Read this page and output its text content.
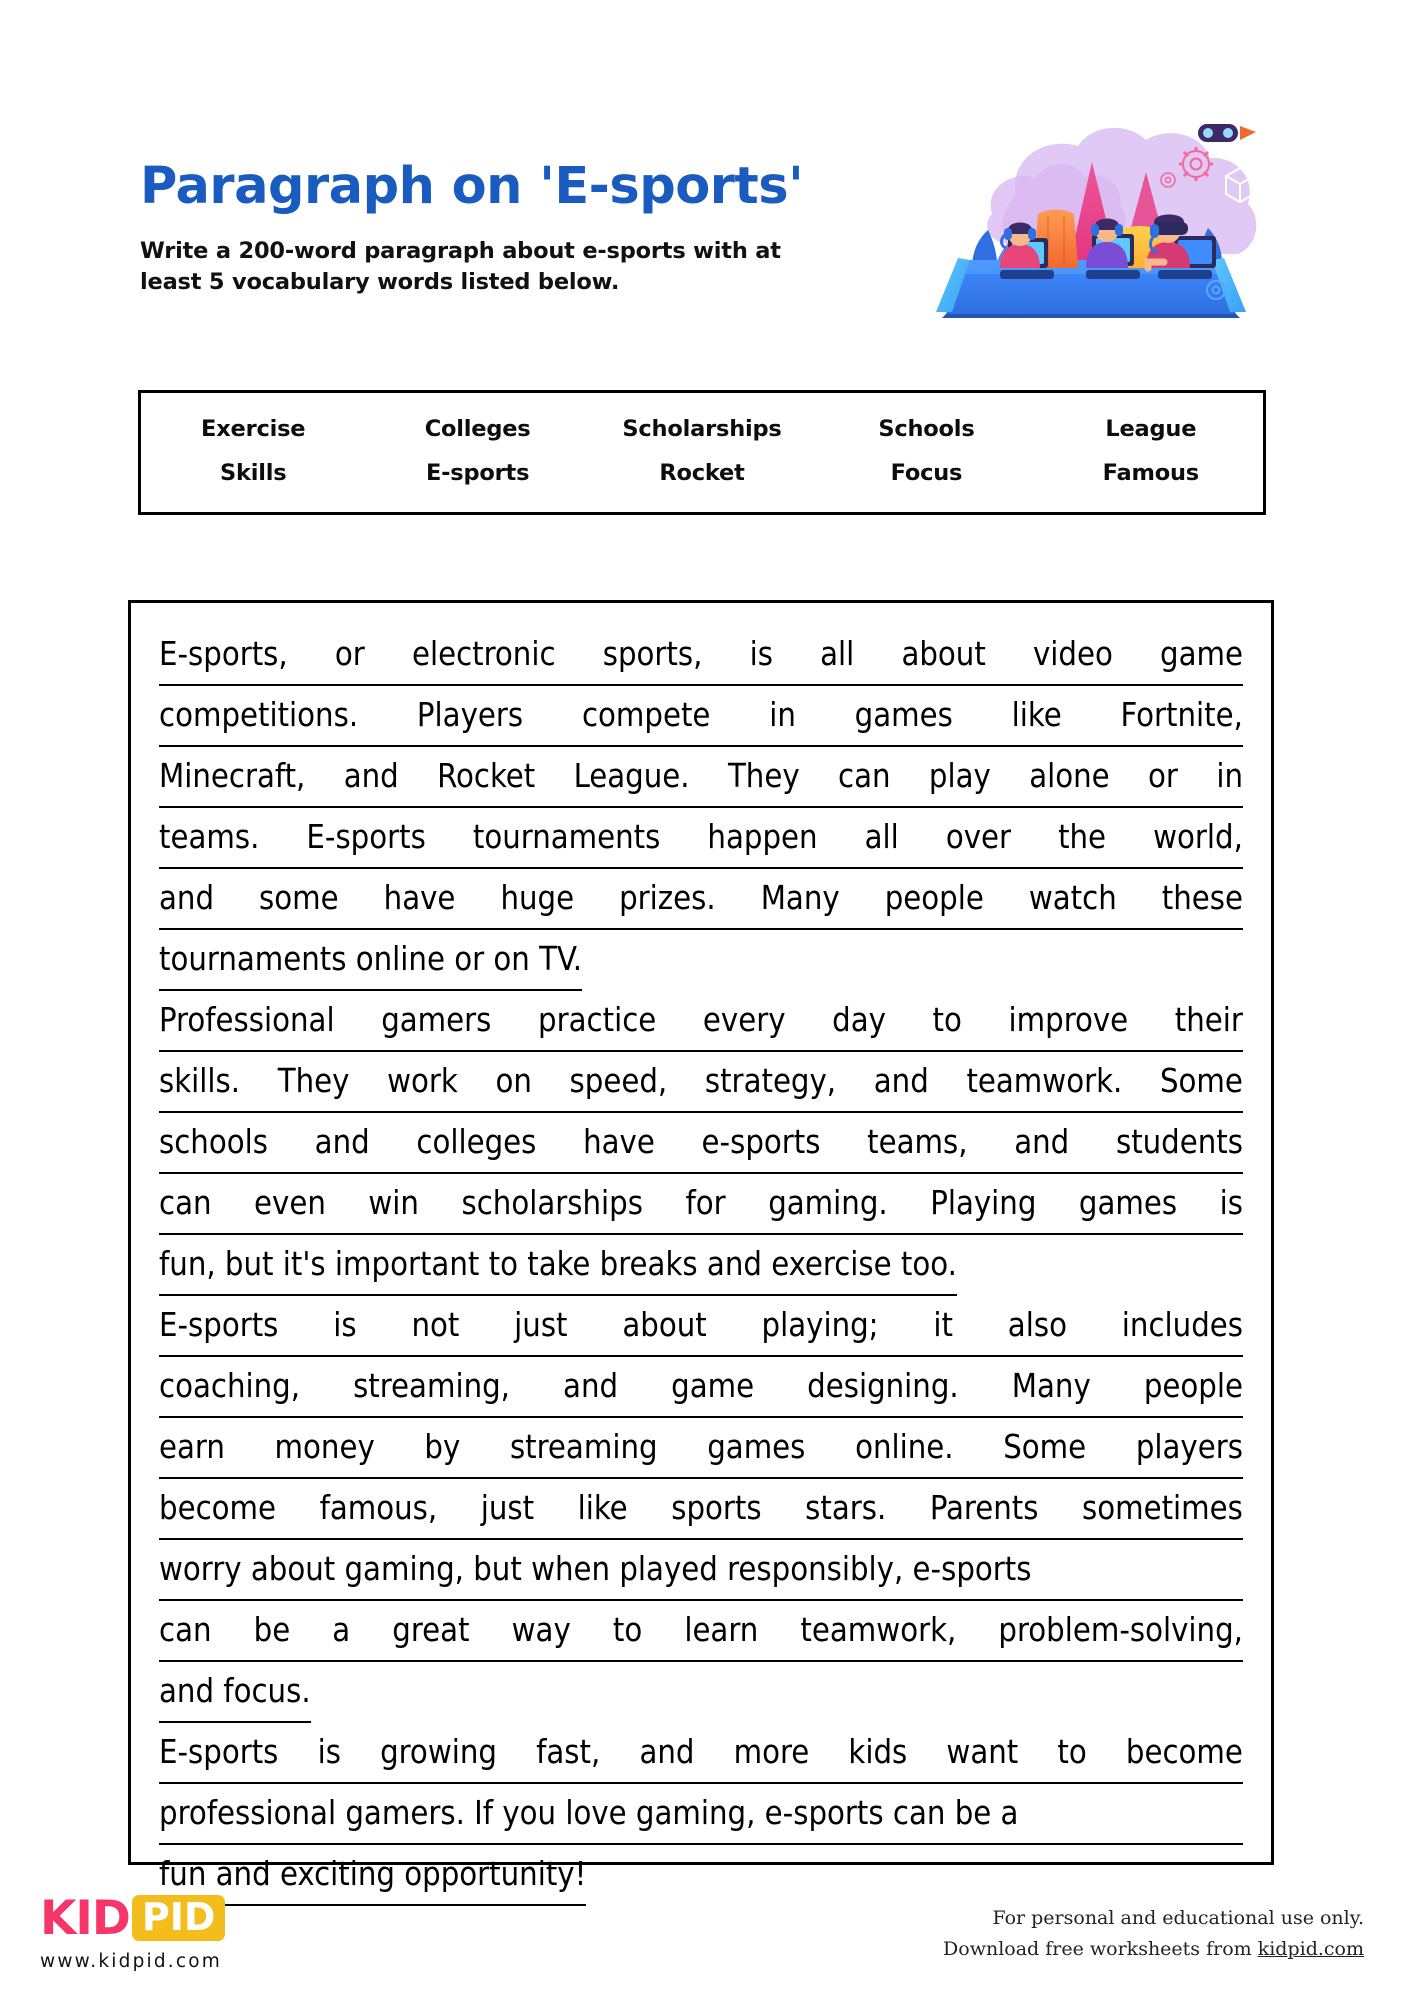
Paragraph on 'E-sports'
Write a 200-word paragraph about e-sports with at least 5 vocabulary words listed below.
Exercise	Colleges	Scholarships	Schools	League
Skills	E-sports	Rocket	Focus	Famous
E-sports, or electronic sports, is all about video game
competitions. Players compete in games like Fortnite,
Minecraft, and Rocket League. They can play alone or in
teams. E-sports tournaments happen all over the world,
and some have huge prizes. Many people watch these
tournaments online or on TV.
Professional gamers practice every day to improve their
skills. They work on speed, strategy, and teamwork. Some
schools and colleges have e-sports teams, and students
can even win scholarships for gaming. Playing games is
fun, but it's important to take breaks and exercise too.
E-sports is not just about playing; it also includes
coaching, streaming, and game designing. Many people
earn money by streaming games online. Some players
become famous, just like sports stars. Parents sometimes
worry about gaming, but when played responsibly, e-sports
can be a great way to learn teamwork, problem-solving,
and focus.
E-sports is growing fast, and more kids want to become
professional gamers. If you love gaming, e-sports can be a
fun and exciting opportunity!
KID PID
www.kidpid.com
For personal and educational use only.
Download free worksheets from kidpid.com
